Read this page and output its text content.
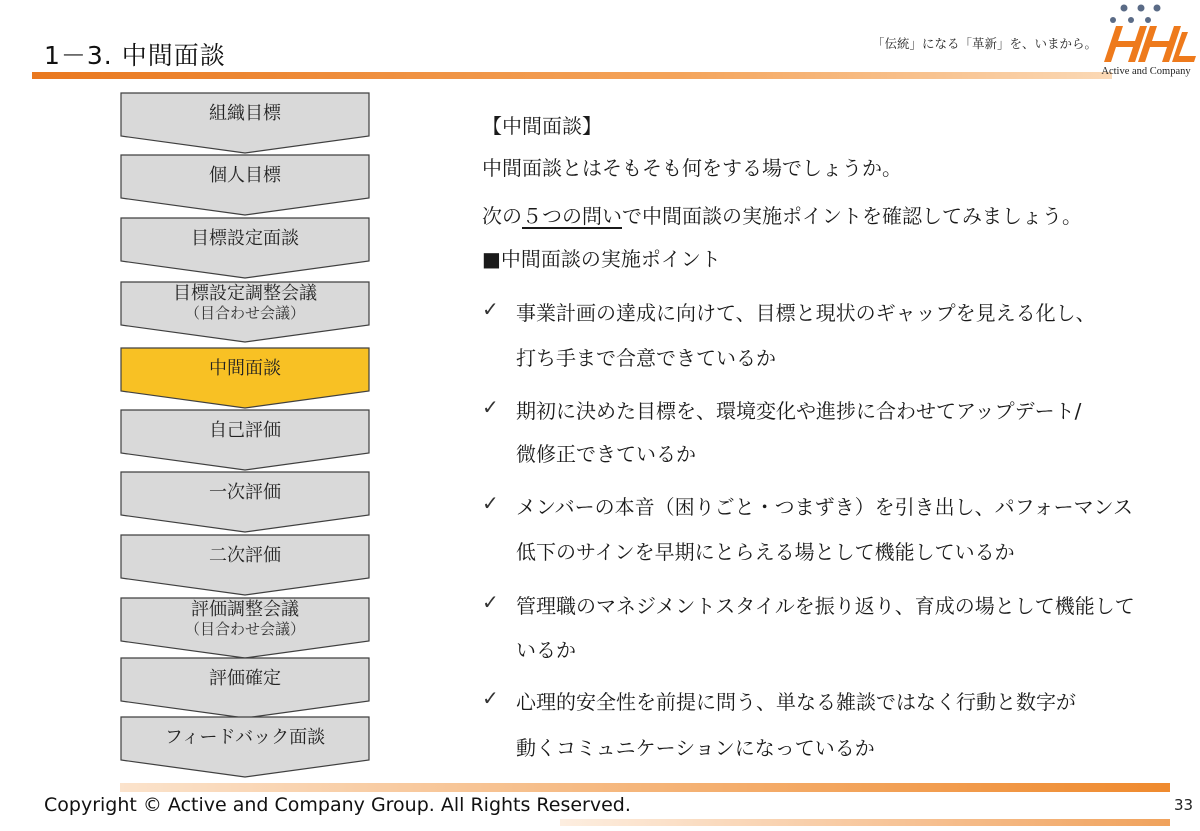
1－3. 中間面談	「伝統」になる「革新」を、いまから。
Active and Company
組織目標
個人目標
目標設定面談
目標設定調整会議
（目合わせ会議）
中間面談
自己評価
一次評価
二次評価
評価調整会議
（目合わせ会議）
評価確定
フィードバック面談
【中間面談】
中間面談とはそもそも何をする場でしょうか。
次の５つの問いで中間面談の実施ポイントを確認してみましょう。
■中間面談の実施ポイント
✓ 事業計画の達成に向けて、目標と現状のギャップを見える化し、
打ち手まで合意できているか
✓ 期初に決めた目標を、環境変化や進捗に合わせてアップデート/
微修正できているか
✓ メンバーの本音（困りごと・つまずき）を引き出し、パフォーマンス
低下のサインを早期にとらえる場として機能しているか
✓ 管理職のマネジメントスタイルを振り返り、育成の場として機能して
いるか
✓ 心理的安全性を前提に問う、単なる雑談ではなく行動と数字が
動くコミュニケーションになっているか
Copyright © Active and Company Group. All Rights Reserved.	33
